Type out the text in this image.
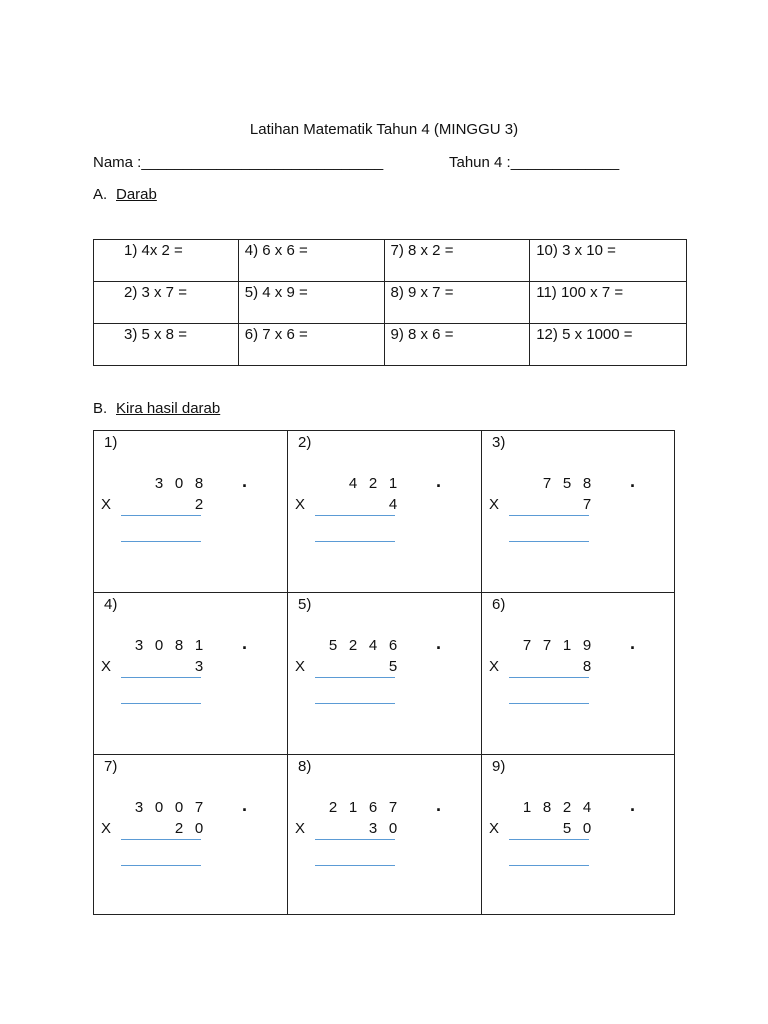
Latihan Matematik Tahun 4 (MINGGU 3)
Nama :_____________________________	Tahun 4 :_____________
A. Darab
1) 4x 2 =	4) 6 x 6 =	7) 8 x 2 =	10) 3 x 10 =
2) 3 x 7 =	5) 4 x 9 =	8) 9 x 7 =	11) 100 x 7 =
3) 5 x 8 =	6) 7 x 6 =	9) 8 x 6 =	12) 5 x 1000 =
B. Kira hasil darab
1)
3 0 8	.
X	2
2)
4 2 1	.
X	4
3)
7 5 8	.
X	7
4)
3 0 8 1	.
X	3
5)
5 2 4 6	.
X	5
6)
7 7 1 9	.
X	8
7)
3 0 0 7	.
X	2 0
8)
2 1 6 7	.
X	3 0
9)
1 8 2 4	.
X	5 0
